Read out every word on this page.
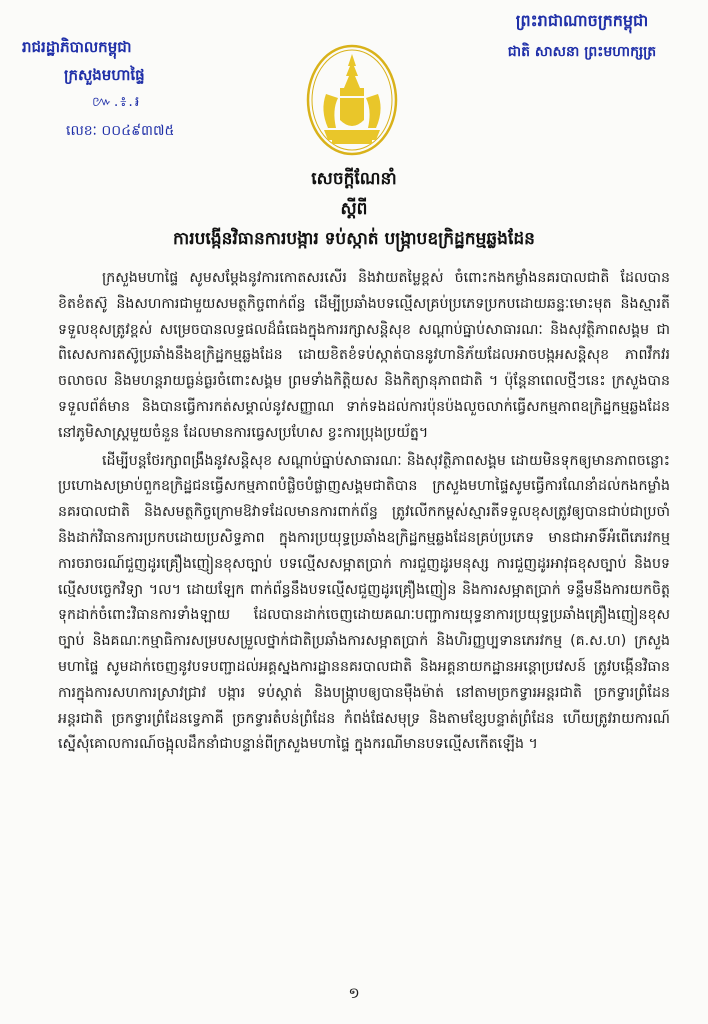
រាជរដ្ឋាភិបាលកម្ពុជា
ក្រសួងមហាផ្ទៃ
៚.៖.៛
លេខៈ ០០៤៩៣៧៥
ព្រះរាជាណាចក្រកម្ពុជា
ជាតិ សាសនា ព្រះមហាក្សត្រ
សេចក្ដីណែនាំ
ស្ដីពី
ការបង្កើនវិធានការបង្ការ ទប់ស្កាត់ បង្ក្រាបឧក្រិដ្ឋកម្មឆ្លងដែន

ក្រសួងមហាផ្ទៃ សូមសម្ដែងនូវការកោតសរសើរ និងវាយតម្លៃខ្ពស់ ចំពោះកងកម្លាំងនគរបាលជាតិ ដែលបានខិតខំតស៊ូ និងសហការជាមួយសមត្ថកិច្ចពាក់ព័ន្ធ ដើម្បីប្រឆាំងបទល្មើសគ្រប់ប្រភេទប្រកបដោយឆន្ទៈមោះមុត និងស្មារតីទទួលខុសត្រូវខ្ពស់ សម្រេចបានលទ្ធផលដ៏ធំធេងក្នុងការរក្សាសន្តិសុខ សណ្ដាប់ធ្នាប់សាធារណៈ និងសុវត្ថិភាពសង្គម ជាពិសេសការតស៊ូប្រឆាំងនឹងឧក្រិដ្ឋកម្មឆ្លងដែន ដោយខិតខំទប់ស្កាត់បាននូវហានិភ័យដែលអាចបង្កអសន្តិសុខ ភាពវឹកវរ ចលាចល និងមហន្តរាយធ្ងន់ធ្ងរចំពោះសង្គម ព្រមទាំងកិត្តិយស និងកិត្យានុភាពជាតិ ។ ប៉ុន្តែនាពេលថ្មីៗនេះ ក្រសួងបានទទួលព័ត៌មាន និងបានធ្វើការកត់សម្គាល់នូវសញ្ញាណ ទាក់ទងដល់ការប៉ុនប៉ងលួចលាក់ធ្វើសកម្មភាពឧក្រិដ្ឋកម្មឆ្លងដែននៅភូមិសាស្ត្រមួយចំនួន ដែលមានការធ្វេសប្រហែស ខ្វះការប្រុងប្រយ័ត្ន។

ដើម្បីបន្តថែរក្សាពង្រឹងនូវសន្តិសុខ សណ្ដាប់ធ្នាប់សាធារណៈ និងសុវត្ថិភាពសង្គម ដោយមិនទុកឲ្យមានភាពចន្លោះប្រហោងសម្រាប់ពួកឧក្រិដ្ឋជនធ្វើសកម្មភាពបំផ្លិចបំផ្លាញសង្គមជាតិបាន ក្រសួងមហាផ្ទៃសូមធ្វើការណែនាំដល់កងកម្លាំងនគរបាលជាតិ និងសមត្ថកិច្ចក្រោមឱវាទដែលមានការពាក់ព័ន្ធ ត្រូវលើកកម្ពស់ស្មារតីទទួលខុសត្រូវឲ្យបានជាប់ជាប្រចាំ និងដាក់វិធានការប្រកបដោយប្រសិទ្ធភាព ក្នុងការប្រយុទ្ធប្រឆាំងឧក្រិដ្ឋកម្មឆ្លងដែនគ្រប់ប្រភេទ មានជាអាទិ៍អំពើភេរវកម្ម ការចរាចរណ៍ជួញដូរគ្រឿងញៀនខុសច្បាប់ បទល្មើសសម្អាតប្រាក់ ការជួញដូរមនុស្ស ការជួញដូរអាវុធខុសច្បាប់ និងបទល្មើសបច្ចេកវិទ្យា ។ល។ ដោយឡែក ពាក់ព័ន្ធនឹងបទល្មើសជួញដូរគ្រឿងញៀន និងការសម្អាតប្រាក់ ទន្ទឹមនឹងការយកចិត្តទុកដាក់ចំពោះវិធានការទាំងឡាយ ដែលបានដាក់ចេញដោយគណៈបញ្ជាការយុទ្ធនាការប្រយុទ្ធប្រឆាំងគ្រឿងញៀនខុសច្បាប់ និងគណៈកម្មាធិការសម្របសម្រួលថ្នាក់ជាតិប្រឆាំងការសម្អាតប្រាក់ និងហិរញ្ញប្បទានភេរវកម្ម (គ.ស.ហ) ក្រសួងមហាផ្ទៃ សូមដាក់ចេញនូវបទបញ្ជាដល់អគ្គស្នងការដ្ឋាននគរបាលជាតិ និងអគ្គនាយកដ្ឋានអន្តោប្រវេសន៍ ត្រូវបង្កើនវិធានការក្នុងការសហការស្រាវជ្រាវ បង្ការ ទប់ស្កាត់ និងបង្ក្រាបឲ្យបានម៉ឺងម៉ាត់ នៅតាមច្រកទ្វារអន្តរជាតិ ច្រកទ្វារព្រំដែនអន្តរជាតិ ច្រកទ្វារព្រំដែនទ្វេភាគី ច្រកទ្វារតំបន់ព្រំដែន កំពង់ផែសមុទ្រ និងតាមខ្សែបន្ទាត់ព្រំដែន ហើយត្រូវរាយការណ៍ស្នើសុំគោលការណ៍ចង្អុលដឹកនាំជាបន្ទាន់ពីក្រសួងមហាផ្ទៃ ក្នុងករណីមានបទល្មើសកើតឡើង ។

១
